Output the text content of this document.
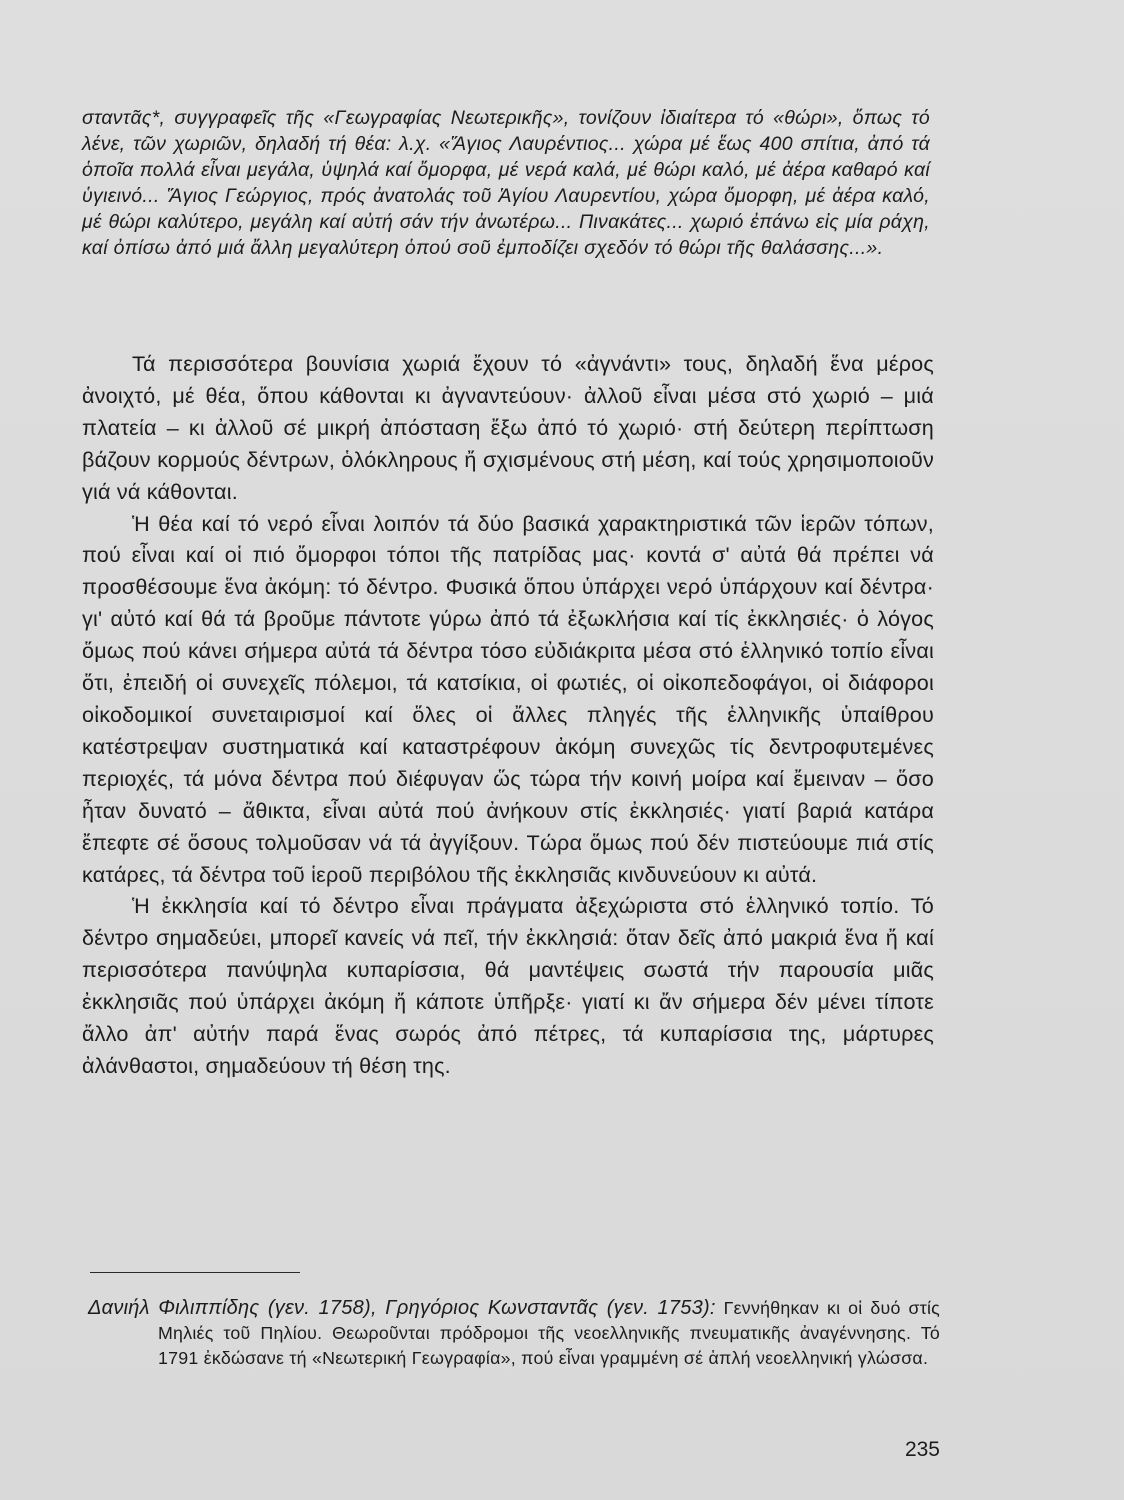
σταντᾶς*, συγγραφεῖς τῆς «Γεωγραφίας Νεωτερικῆς», τονίζουν ἰδιαίτερα τό «θώρι», ὅπως τό λένε, τῶν χωριῶν, δηλαδή τή θέα: λ.χ. «Ἅγιος Λαυρέντιος... χώρα μέ ἕως 400 σπίτια, ἀπό τά ὁποῖα πολλά εἶναι μεγάλα, ὑψηλά καί ὄμορφα, μέ νερά καλά, μέ θώρι καλό, μέ ἀέρα καθαρό καί ὑγιεινό... Ἅγιος Γεώργιος, πρός ἀνατολάς τοῦ Ἁγίου Λαυρεντίου, χώρα ὄμορφη, μέ ἀέρα καλό, μέ θώρι καλύτερο, μεγάλη καί αὐτή σάν τήν ἀνωτέρω... Πινακάτες... χωριό ἐπάνω εἰς μία ράχη, καί ὀπίσω ἀπό μιά ἄλλη μεγαλύτερη ὁπού σοῦ ἐμποδίζει σχεδόν τό θώρι τῆς θαλάσσης...».

Τά περισσότερα βουνίσια χωριά ἔχουν τό «ἀγνάντι» τους, δηλαδή ἕνα μέρος ἀνοιχτό, μέ θέα, ὅπου κάθονται κι ἀγναντεύουν· ἀλλοῦ εἶναι μέσα στό χωριό – μιά πλατεία – κι ἀλλοῦ σέ μικρή ἀπόσταση ἔξω ἀπό τό χωριό· στή δεύτερη περίπτωση βάζουν κορμούς δέντρων, ὁλόκληρους ἤ σχισμένους στή μέση, καί τούς χρησιμοποιοῦν γιά νά κάθονται.

Ἡ θέα καί τό νερό εἶναι λοιπόν τά δύο βασικά χαρακτηριστικά τῶν ἱερῶν τόπων, πού εἶναι καί οἱ πιό ὄμορφοι τόποι τῆς πατρίδας μας· κοντά σ' αὐτά θά πρέπει νά προσθέσουμε ἕνα ἀκόμη: τό δέντρο. Φυσικά ὅπου ὑπάρχει νερό ὑπάρχουν καί δέντρα· γι' αὐτό καί θά τά βροῦμε πάντοτε γύρω ἀπό τά ἐξωκλήσια καί τίς ἐκκλησιές· ὁ λόγος ὅμως πού κάνει σήμερα αὐτά τά δέντρα τόσο εὐδιάκριτα μέσα στό ἑλληνικό τοπίο εἶναι ὅτι, ἐπειδή οἱ συνεχεῖς πόλεμοι, τά κατσίκια, οἱ φωτιές, οἱ οἰκοπεδοφάγοι, οἱ διάφοροι οἰκοδομικοί συνεταιρισμοί καί ὅλες οἱ ἄλλες πληγές τῆς ἑλληνικῆς ὑπαίθρου κατέστρεψαν συστηματικά καί καταστρέφουν ἀκόμη συνεχῶς τίς δεντροφυτεμένες περιοχές, τά μόνα δέντρα πού διέφυγαν ὥς τώρα τήν κοινή μοίρα καί ἔμειναν – ὅσο ἦταν δυνατό – ἄθικτα, εἶναι αὐτά πού ἀνήκουν στίς ἐκκλησιές· γιατί βαριά κατάρα ἔπεφτε σέ ὅσους τολμοῦσαν νά τά ἀγγίξουν. Τώρα ὅμως πού δέν πιστεύουμε πιά στίς κατάρες, τά δέντρα τοῦ ἱεροῦ περιβόλου τῆς ἐκκλησιᾶς κινδυνεύουν κι αὐτά.

Ἡ ἐκκλησία καί τό δέντρο εἶναι πράγματα ἀξεχώριστα στό ἑλληνικό τοπίο. Τό δέντρο σημαδεύει, μπορεῖ κανείς νά πεῖ, τήν ἐκκλησιά: ὅταν δεῖς ἀπό μακριά ἕνα ἤ καί περισσότερα πανύψηλα κυπαρίσσια, θά μαντέψεις σωστά τήν παρουσία μιᾶς ἐκκλησιᾶς πού ὑπάρχει ἀκόμη ἤ κάποτε ὑπῆρξε· γιατί κι ἄν σήμερα δέν μένει τίποτε ἄλλο ἀπ' αὐτήν παρά ἕνας σωρός ἀπό πέτρες, τά κυπαρίσσια της, μάρτυρες ἀλάνθαστοι, σημαδεύουν τή θέση της.

Δανιήλ Φιλιππίδης (γεν. 1758), Γρηγόριος Κωνσταντᾶς (γεν. 1753): Γεννήθηκαν κι οἱ δυό στίς Μηλιές τοῦ Πηλίου. Θεωροῦνται πρόδρομοι τῆς νεοελληνικῆς πνευματικῆς ἀναγέννησης. Τό 1791 ἐκδώσανε τή «Νεωτερική Γεωγραφία», πού εἶναι γραμμένη σέ ἁπλή νεοελληνική γλώσσα.

235
